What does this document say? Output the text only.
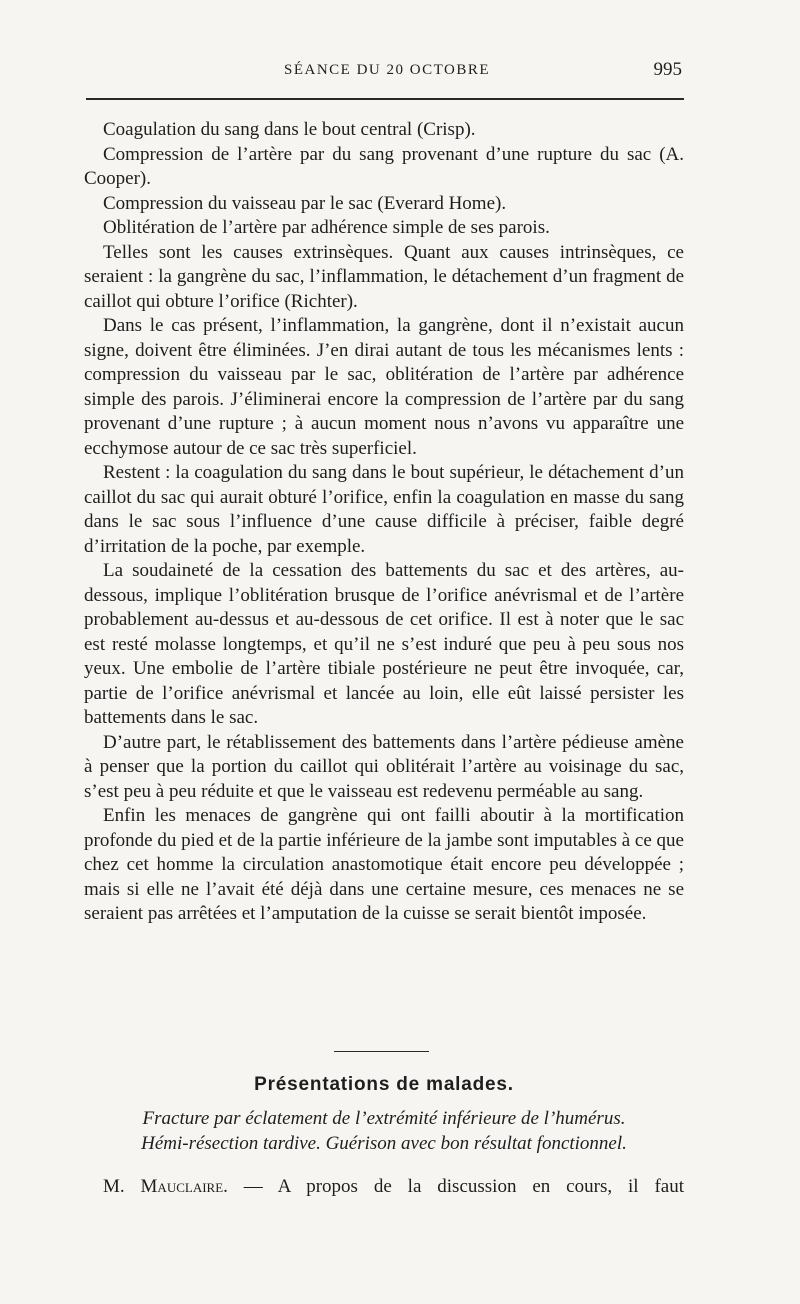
SÉANCE DU 20 OCTOBRE	995

Coagulation du sang dans le bout central (Crisp).

Compression de l’artère par du sang provenant d’une rupture du sac (A. Cooper).

Compression du vaisseau par le sac (Everard Home).

Oblitération de l’artère par adhérence simple de ses parois.

Telles sont les causes extrinsèques. Quant aux causes intrinsèques, ce seraient : la gangrène du sac, l’inflammation, le détachement d’un fragment de caillot qui obture l’orifice (Richter).

Dans le cas présent, l’inflammation, la gangrène, dont il n’existait aucun signe, doivent être éliminées. J’en dirai autant de tous les mécanismes lents : compression du vaisseau par le sac, oblitération de l’artère par adhérence simple des parois. J’éliminerai encore la compression de l’artère par du sang provenant d’une rupture ; à aucun moment nous n’avons vu apparaître une ecchymose autour de ce sac très superficiel.

Restent : la coagulation du sang dans le bout supérieur, le détachement d’un caillot du sac qui aurait obturé l’orifice, enfin la coagulation en masse du sang dans le sac sous l’influence d’une cause difficile à préciser, faible degré d’irritation de la poche, par exemple.

La soudaineté de la cessation des battements du sac et des artères, au-dessous, implique l’oblitération brusque de l’orifice anévrismal et de l’artère probablement au-dessus et au-dessous de cet orifice. Il est à noter que le sac est resté molasse longtemps, et qu’il ne s’est induré que peu à peu sous nos yeux. Une embolie de l’artère tibiale postérieure ne peut être invoquée, car, partie de l’orifice anévrismal et lancée au loin, elle eût laissé persister les battements dans le sac.

D’autre part, le rétablissement des battements dans l’artère pédieuse amène à penser que la portion du caillot qui oblitérait l’artère au voisinage du sac, s’est peu à peu réduite et que le vaisseau est redevenu perméable au sang.

Enfin les menaces de gangrène qui ont failli aboutir à la mortification profonde du pied et de la partie inférieure de la jambe sont imputables à ce que chez cet homme la circulation anastomotique était encore peu développée ; mais si elle ne l’avait été déjà dans une certaine mesure, ces menaces ne se seraient pas arrêtées et l’amputation de la cuisse se serait bientôt imposée.

Présentations de malades.
Fracture par éclatement de l’extrémité inférieure de l’humérus.
Hémi-résection tardive. Guérison avec bon résultat fonctionnel.
M. Mauclaire. — A propos de la discussion en cours, il faut
